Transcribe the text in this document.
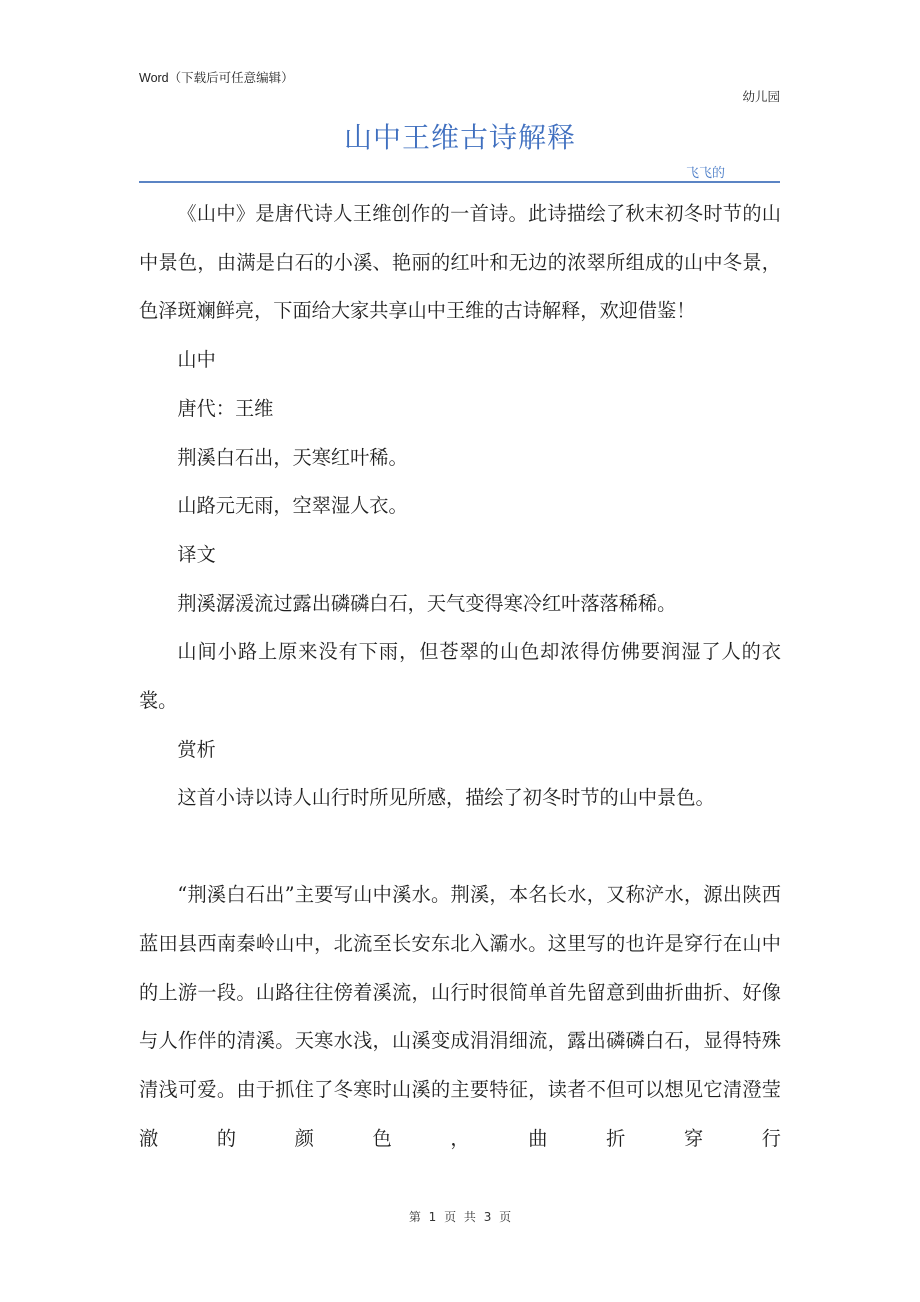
Word（下载后可任意编辑）
幼儿园
山中王维古诗解释
飞飞的

《山中》是唐代诗人王维创作的一首诗。此诗描绘了秋末初冬时节的山中景色，由满是白石的小溪、艳丽的红叶和无边的浓翠所组成的山中冬景，色泽斑斓鲜亮，下面给大家共享山中王维的古诗解释，欢迎借鉴！

山中

唐代：王维

荆溪白石出，天寒红叶稀。

山路元无雨，空翠湿人衣。

译文

荆溪潺湲流过露出磷磷白石，天气变得寒冷红叶落落稀稀。

山间小路上原来没有下雨，但苍翠的山色却浓得仿佛要润湿了人的衣裳。

赏析

这首小诗以诗人山行时所见所感，描绘了初冬时节的山中景色。

“荆溪白石出”主要写山中溪水。荆溪，本名长水，又称浐水，源出陕西蓝田县西南秦岭山中，北流至长安东北入灞水。这里写的也许是穿行在山中的上游一段。山路往往傍着溪流，山行时很简单首先留意到曲折曲折、好像与人作伴的清溪。天寒水浅，山溪变成涓涓细流，露出磷磷白石，显得特殊清浅可爱。由于抓住了冬寒时山溪的主要特征，读者不但可以想见它清澄莹澈的颜色，曲折穿行

第 1 页 共 3 页
